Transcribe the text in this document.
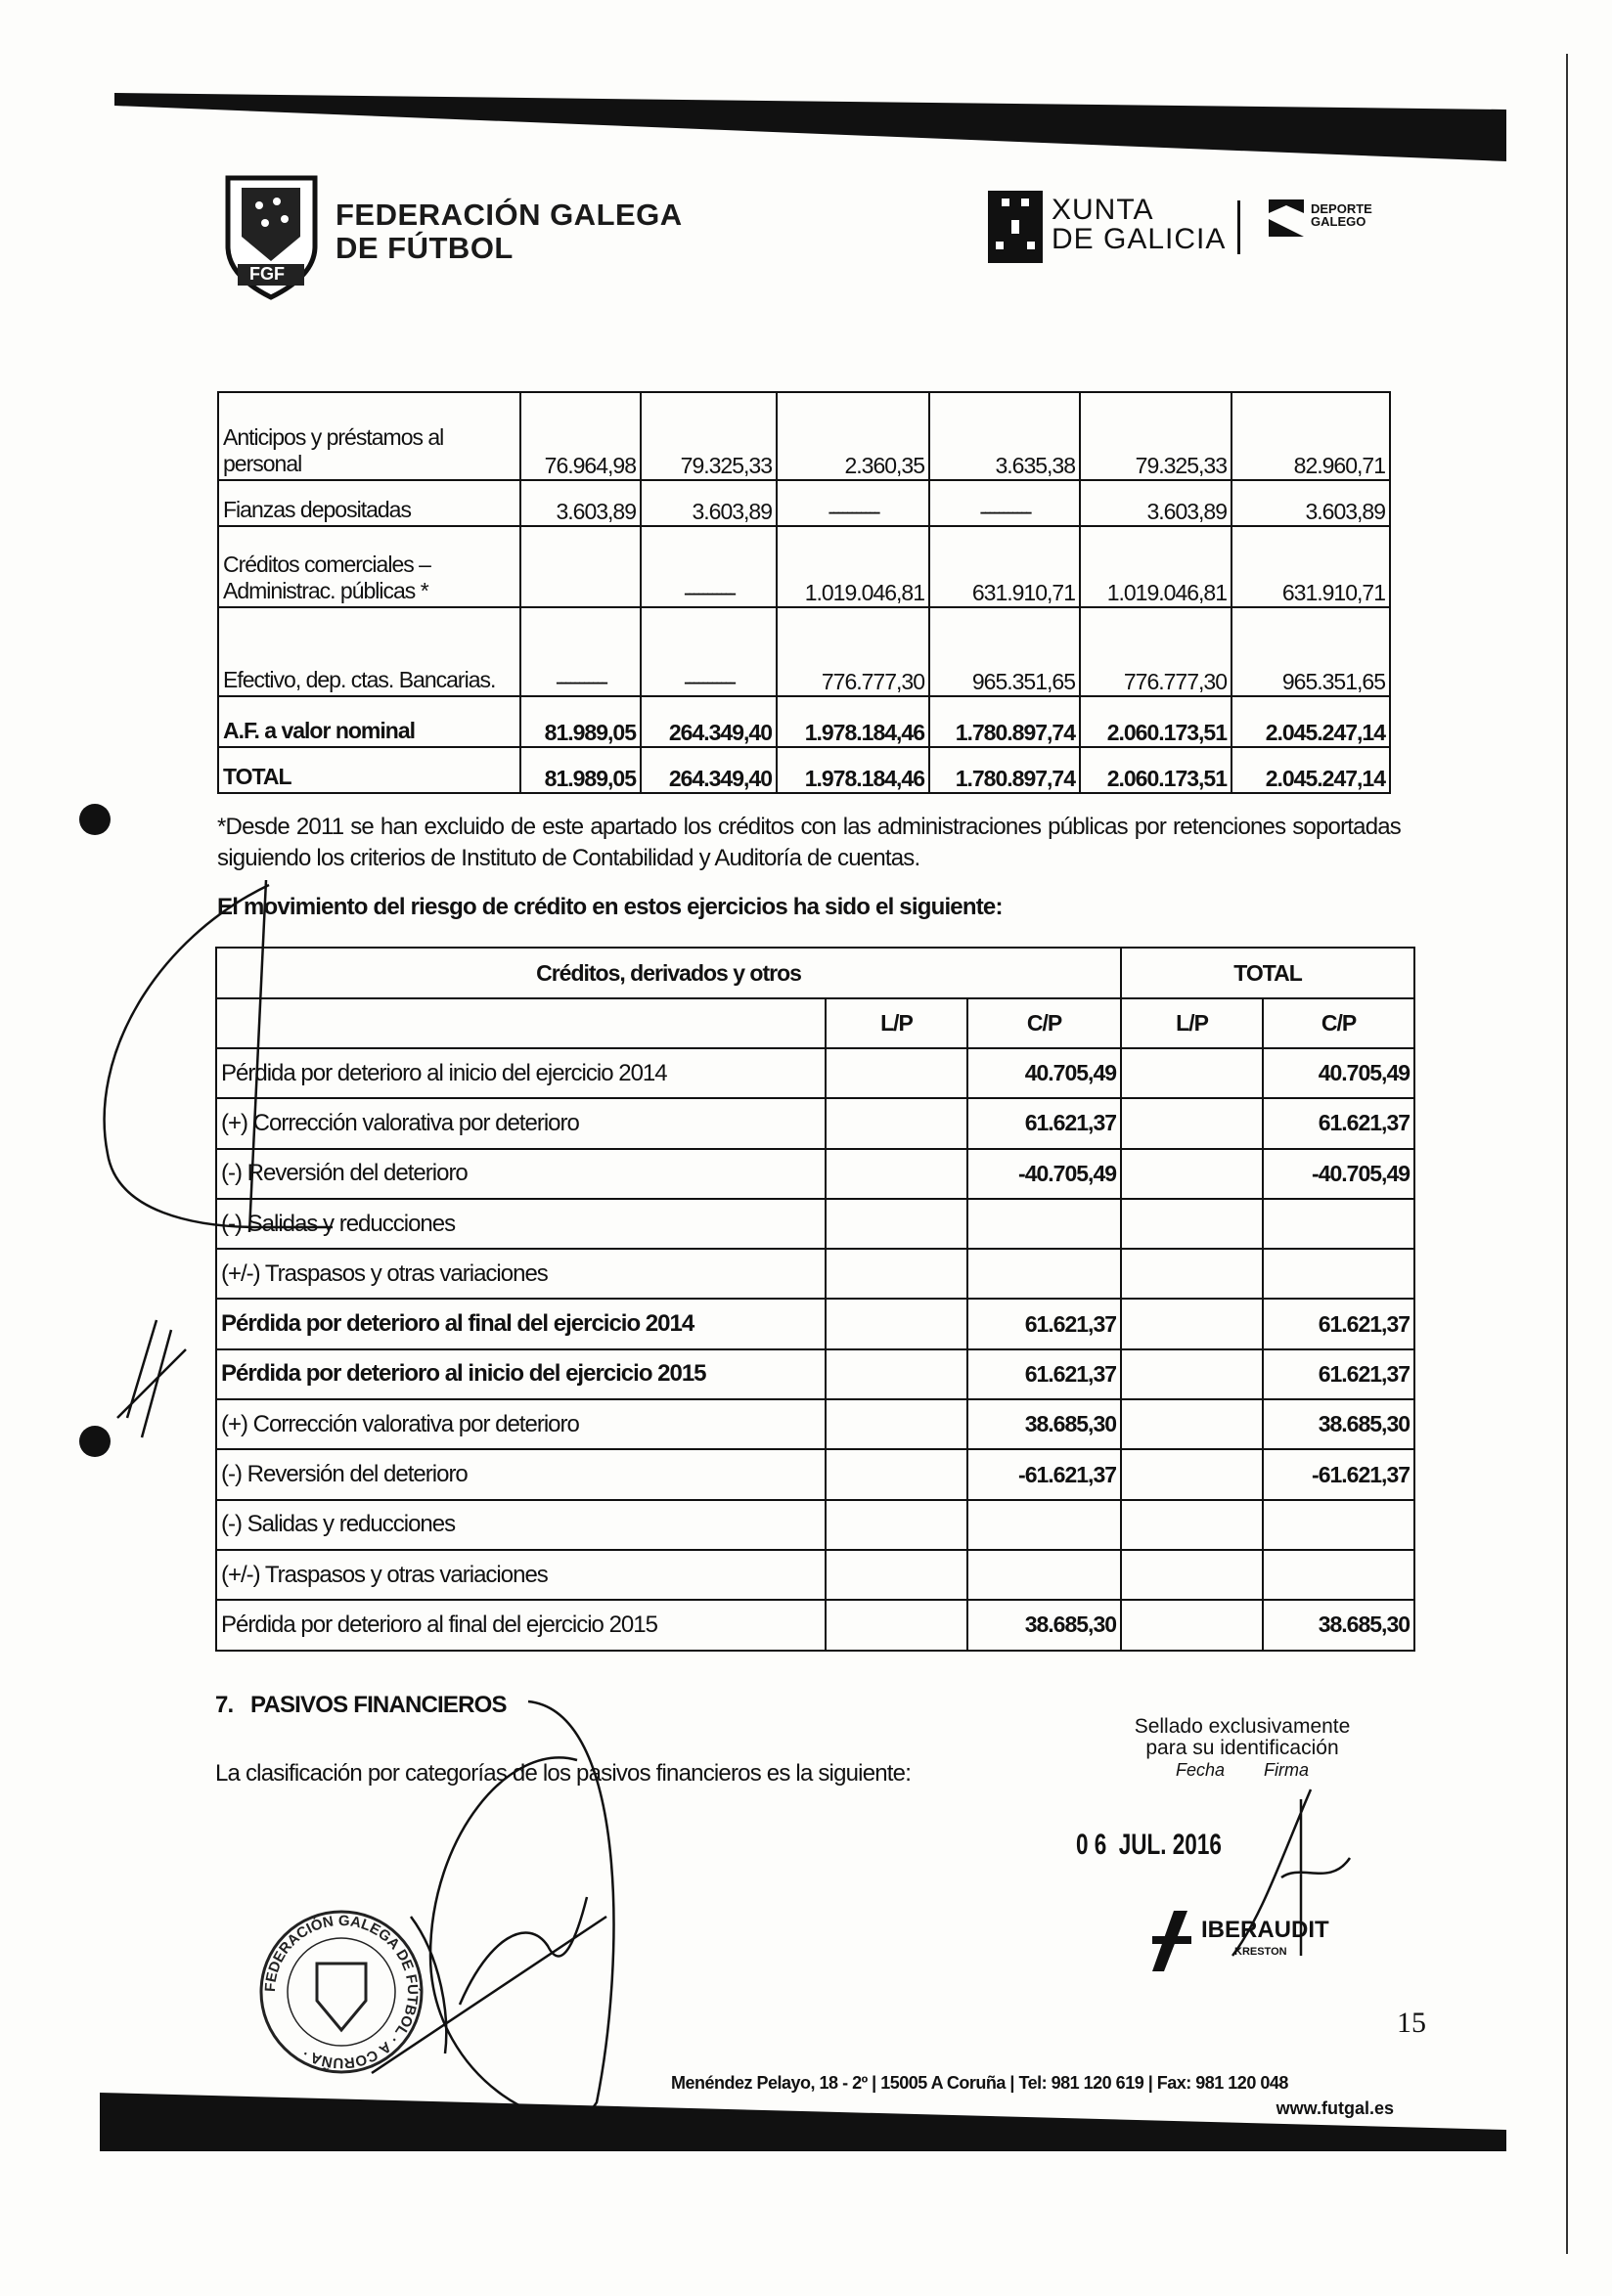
FGF
FEDERACIÓN GALEGA
DE FÚTBOL
XUNTA
DE GALICIA
DEPORTE
GALEGO
Anticipos y préstamos al personal	76.964,98	79.325,33	2.360,35	3.635,38	79.325,33	82.960,71
Fianzas depositadas	3.603,89	3.603,89	-----------	-----------	3.603,89	3.603,89
Créditos comerciales – Administrac. públicas *		-----------	1.019.046,81	631.910,71	1.019.046,81	631.910,71
Efectivo, dep. ctas. Bancarias.	-----------	-----------	776.777,30	965.351,65	776.777,30	965.351,65
A.F. a valor nominal	81.989,05	264.349,40	1.978.184,46	1.780.897,74	2.060.173,51	2.045.247,14
TOTAL	81.989,05	264.349,40	1.978.184,46	1.780.897,74	2.060.173,51	2.045.247,14
*Desde 2011 se han excluido de este apartado los créditos con las administraciones públicas por retenciones soportadas siguiendo los criterios de Instituto de Contabilidad y Auditoría de cuentas.
El movimiento del riesgo de crédito en estos ejercicios ha sido el siguiente:
Créditos, derivados y otros			TOTAL	
	L/P	C/P	L/P	C/P
Pérdida por deterioro al inicio del ejercicio 2014		40.705,49		40.705,49
(+) Corrección valorativa por deterioro		61.621,37		61.621,37
(-) Reversión del deterioro		-40.705,49		-40.705,49
(-) Salidas y reducciones				
(+/-) Traspasos y otras variaciones				
Pérdida por deterioro al final del ejercicio 2014		61.621,37		61.621,37
Pérdida por deterioro al inicio del ejercicio 2015		61.621,37		61.621,37
(+) Corrección valorativa por deterioro		38.685,30		38.685,30
(-) Reversión del deterioro		-61.621,37		-61.621,37
(-) Salidas y reducciones				
(+/-) Traspasos y otras variaciones				
Pérdida por deterioro al final del ejercicio 2015		38.685,30		38.685,30
7.   PASIVOS FINANCIEROS
La clasificación por categorías de los pasivos financieros es la siguiente:
Sellado exclusivamente
para su identificación
Fecha Firma
0 6  JUL. 2016
IBERAUDIT
KRESTON
FEDERACIÓN GALEGA DE FÚTBOL · A CORUÑA ·
15
Menéndez Pelayo, 18 - 2º | 15005 A Coruña | Tel: 981 120 619 | Fax: 981 120 048
www.futgal.es
